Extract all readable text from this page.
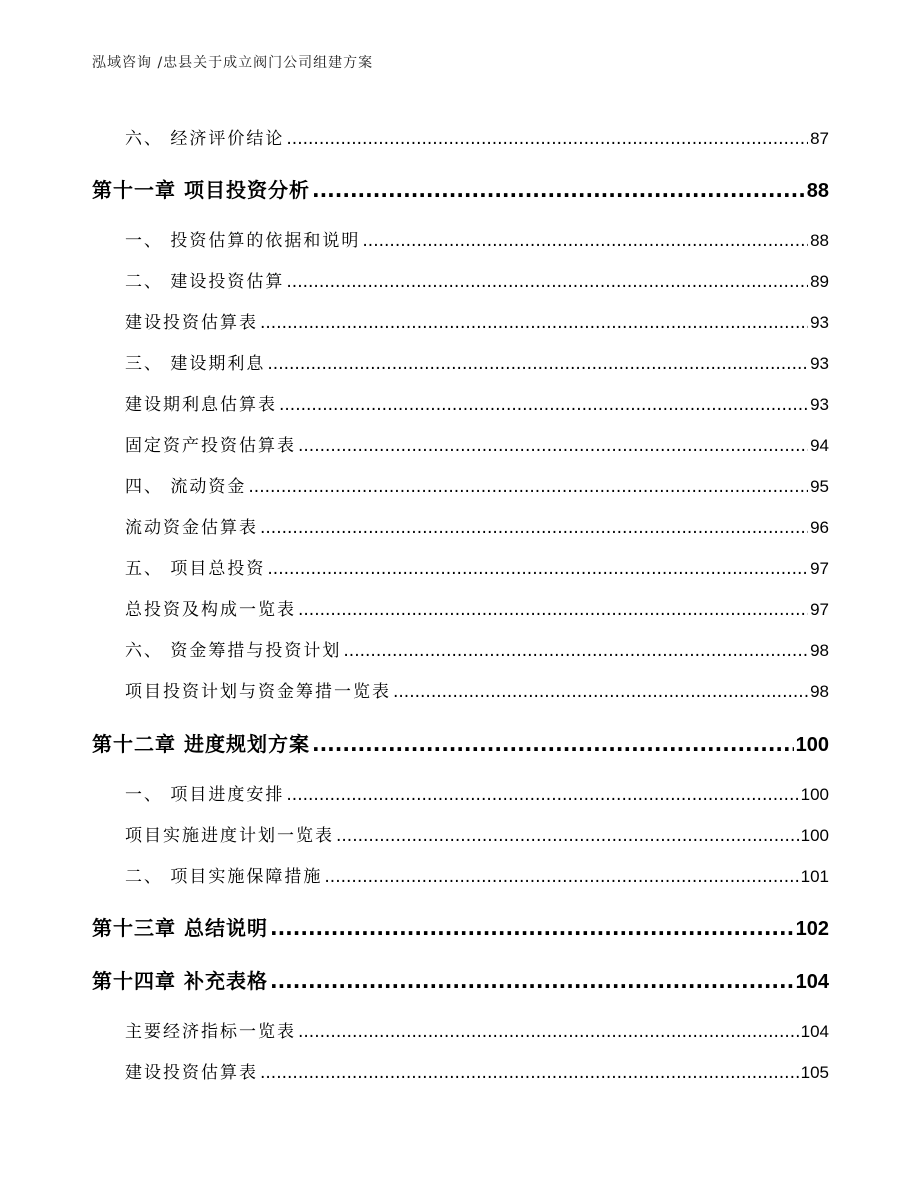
泓域咨询 /忠县关于成立阀门公司组建方案
六、 经济评价结论 .....	87
第十一章 项目投资分析 .....	88
一、 投资估算的依据和说明 .....	88
二、 建设投资估算 .....	89
建设投资估算表 .....	93
三、 建设期利息 .....	93
建设期利息估算表 .....	93
固定资产投资估算表 .....	94
四、 流动资金 .....	95
流动资金估算表 .....	96
五、 项目总投资 .....	97
总投资及构成一览表 .....	97
六、 资金筹措与投资计划 .....	98
项目投资计划与资金筹措一览表 .....	98
第十二章 进度规划方案 .....	100
一、 项目进度安排 .....	100
项目实施进度计划一览表 .....	100
二、 项目实施保障措施 .....	101
第十三章 总结说明 .....	102
第十四章 补充表格 .....	104
主要经济指标一览表 .....	104
建设投资估算表 .....	105
